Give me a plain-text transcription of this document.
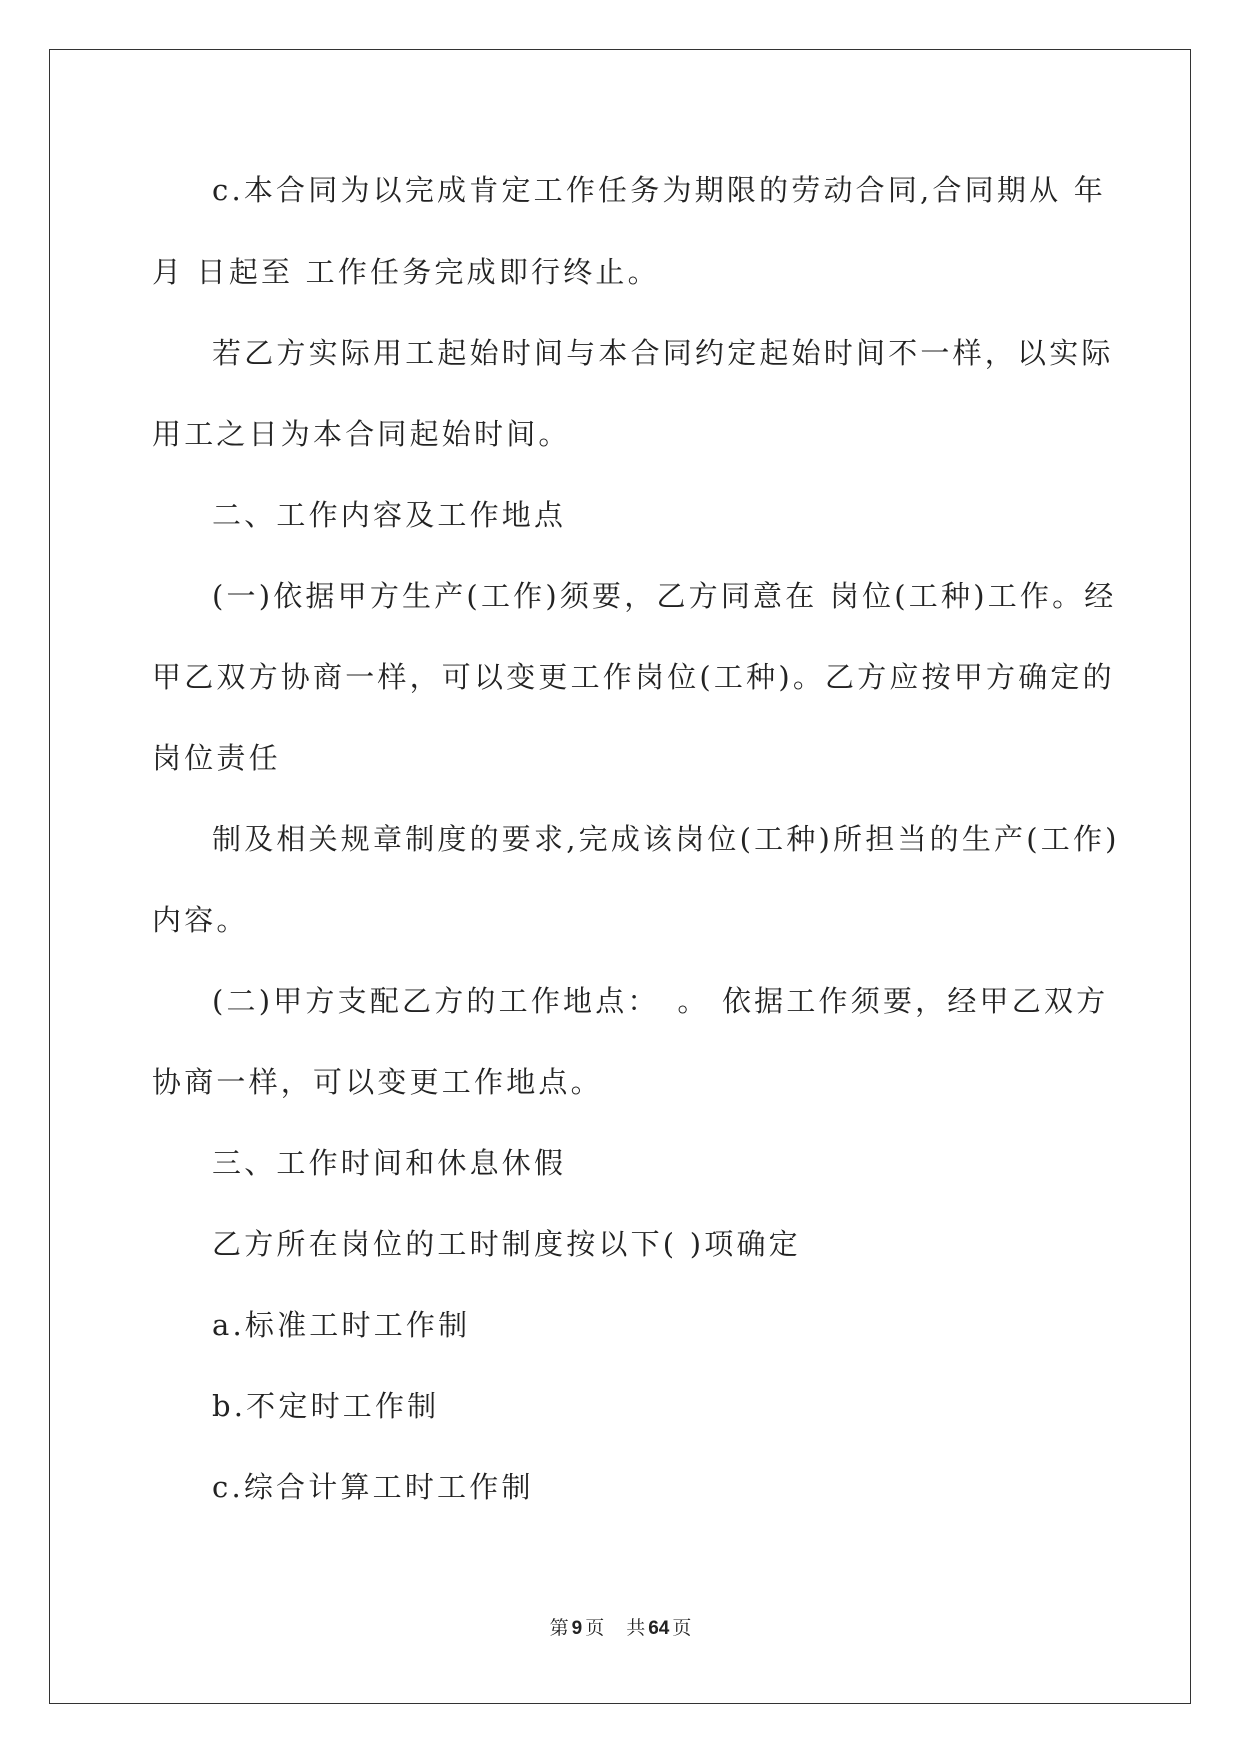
c.本合同为以完成肯定工作任务为期限的劳动合同,合同期从 年
月 日起至 工作任务完成即行终止。
若乙方实际用工起始时间与本合同约定起始时间不一样，以实际
用工之日为本合同起始时间。
二、工作内容及工作地点
(一)依据甲方生产(工作)须要，乙方同意在 岗位(工种)工作。经
甲乙双方协商一样，可以变更工作岗位(工种)。乙方应按甲方确定的
岗位责任
制及相关规章制度的要求,完成该岗位(工种)所担当的生产(工作)
内容。
(二)甲方支配乙方的工作地点：　。 依据工作须要，经甲乙双方
协商一样，可以变更工作地点。
三、工作时间和休息休假
乙方所在岗位的工时制度按以下( )项确定
a.标准工时工作制
b.不定时工作制
c.综合计算工时工作制
第 9 页 共 64 页
